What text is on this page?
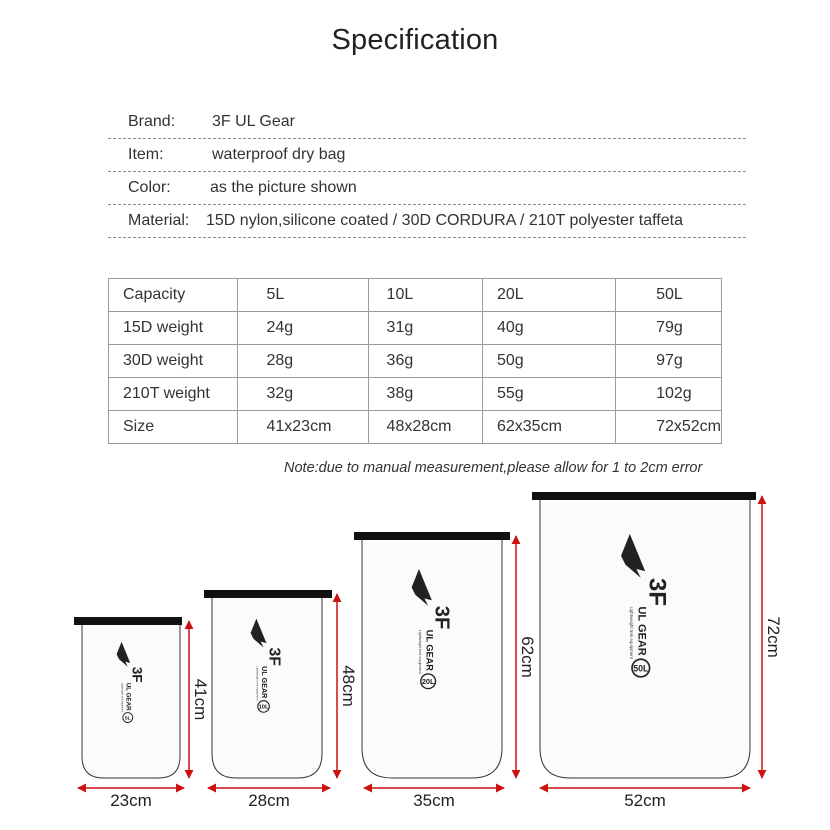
Specification
Brand: 3F UL Gear
Item:	waterproof dry bag
Color: as the picture shown
Material: 15D nylon,silicone coated / 30D CORDURA / 210T polyester taffeta
Capacity	5L	10L	20L	50L
15D weight	24g	31g	40g	79g
30D weight	28g	36g	50g	97g
210T weight	32g	38g	55g	102g
Size	41x23cm	48x28cm	62x35cm	72x52cm
Note:due to manual measurement,please allow for 1 to 2cm error
3F
UL GEAR
Lightweight trek equipment
5L	41cm
23cm
3F
UL GEAR
Lightweight trek equipment
10L
48cm
28cm
3F
UL GEAR
Lightweight trek equipment
20L
62cm
35cm
3F
UL GEAR
Lightweight trek equipment
50L
72cm
52cm
